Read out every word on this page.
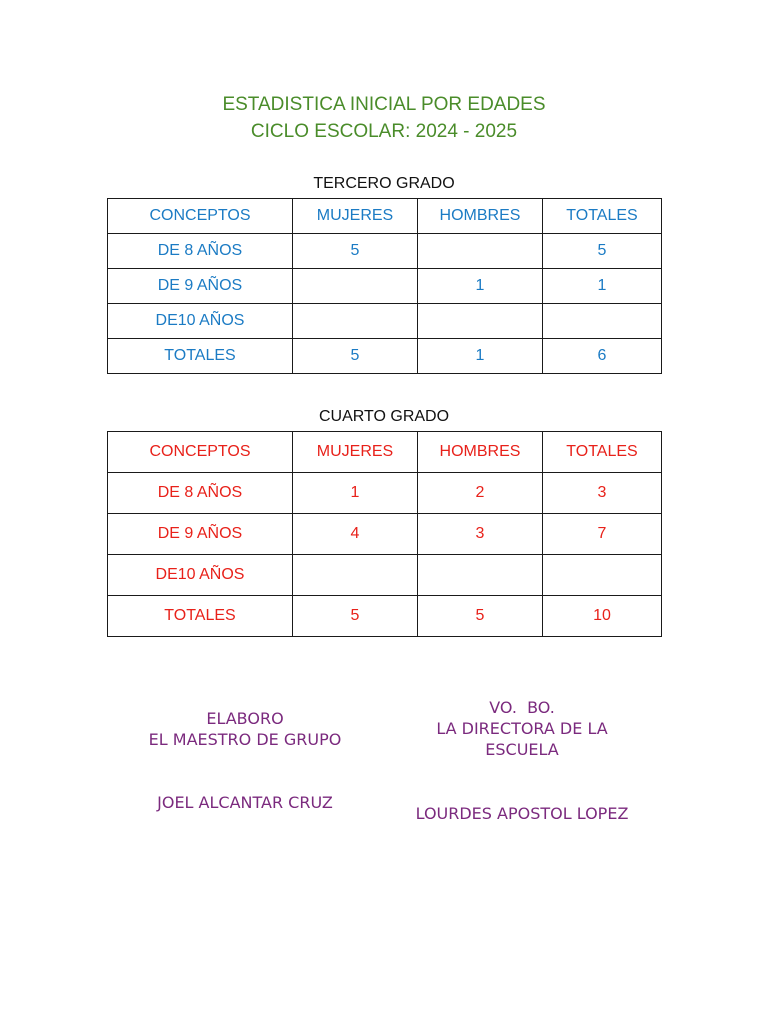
ESTADISTICA INICIAL POR EDADES
CICLO ESCOLAR: 2024 - 2025
TERCERO GRADO
CONCEPTOS	MUJERES	HOMBRES	TOTALES
DE 8 AÑOS	5		5
DE 9 AÑOS		1	1
DE10 AÑOS			
TOTALES	5	1	6
CUARTO GRADO
CONCEPTOS	MUJERES	HOMBRES	TOTALES
DE 8 AÑOS	1	2	3
DE 9 AÑOS	4	3	7
DE10 AÑOS			
TOTALES	5	5	10
ELABORO
EL MAESTRO DE GRUPO
JOEL ALCANTAR CRUZ
VO.  BO.
LA DIRECTORA DE LA
ESCUELA
LOURDES APOSTOL LOPEZ
